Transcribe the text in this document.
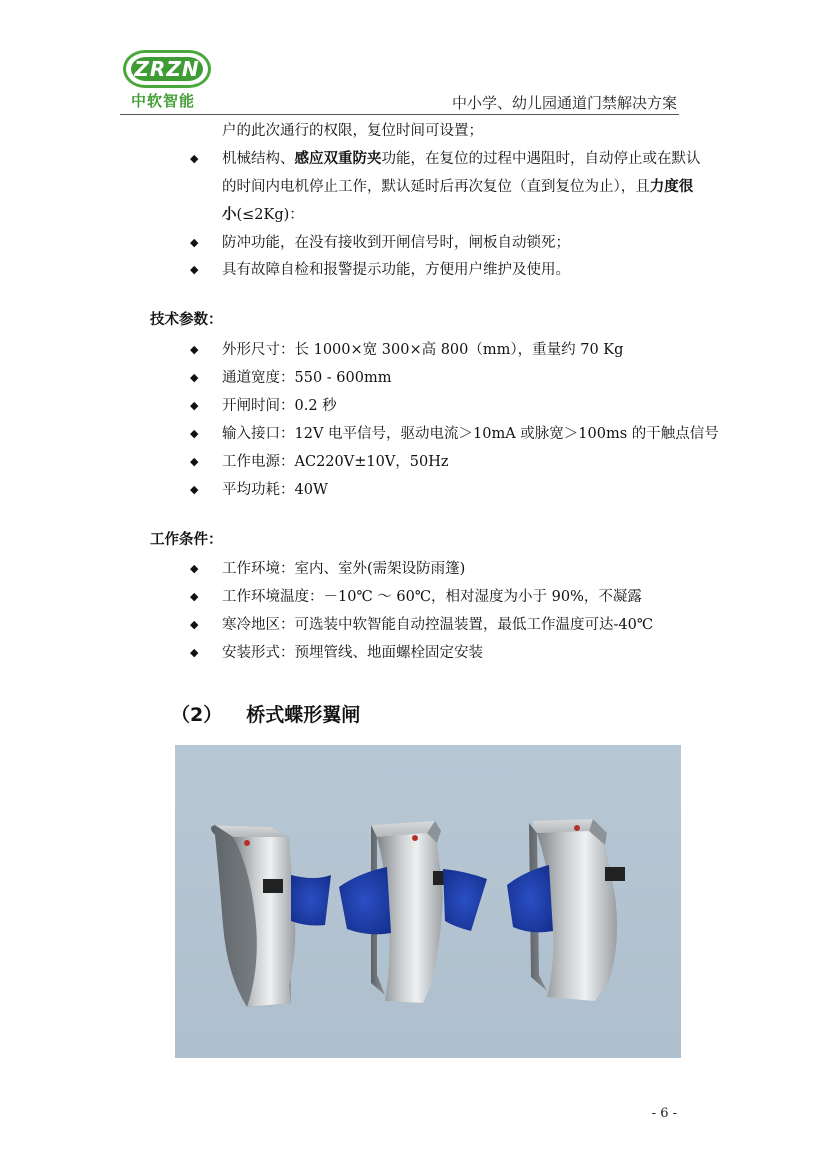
ZRZN
中软智能	中小学、幼儿园通道门禁解决方案
户的此次通行的权限，复位时间可设置；
◆	机械结构、感应双重防夹功能，在复位的过程中遇阻时，自动停止或在默认
的时间内电机停止工作，默认延时后再次复位（直到复位为止），且力度很
小(≤2Kg)：
◆	防冲功能，在没有接收到开闸信号时，闸板自动锁死；
◆	具有故障自检和报警提示功能，方便用户维护及使用。
技术参数：
◆	外形尺寸：长 1000×宽 300×高 800（mm），重量约 70 Kg
◆	通道宽度：550 - 600mm
◆	开闸时间：0.2 秒
◆	输入接口：12V 电平信号，驱动电流＞10mA 或脉宽＞100ms 的干触点信号
◆	工作电源：AC220V±10V，50Hz
◆	平均功耗：40W
工作条件：
◆	工作环境：室内、室外(需架设防雨篷)
◆	工作环境温度：－10℃ ～ 60℃，相对湿度为小于 90%，不凝露
◆	寒冷地区：可选装中软智能自动控温装置，最低工作温度可达-40℃
◆	安装形式：预埋管线、地面螺栓固定安装
（2） 桥式蝶形翼闸
- 6 -
